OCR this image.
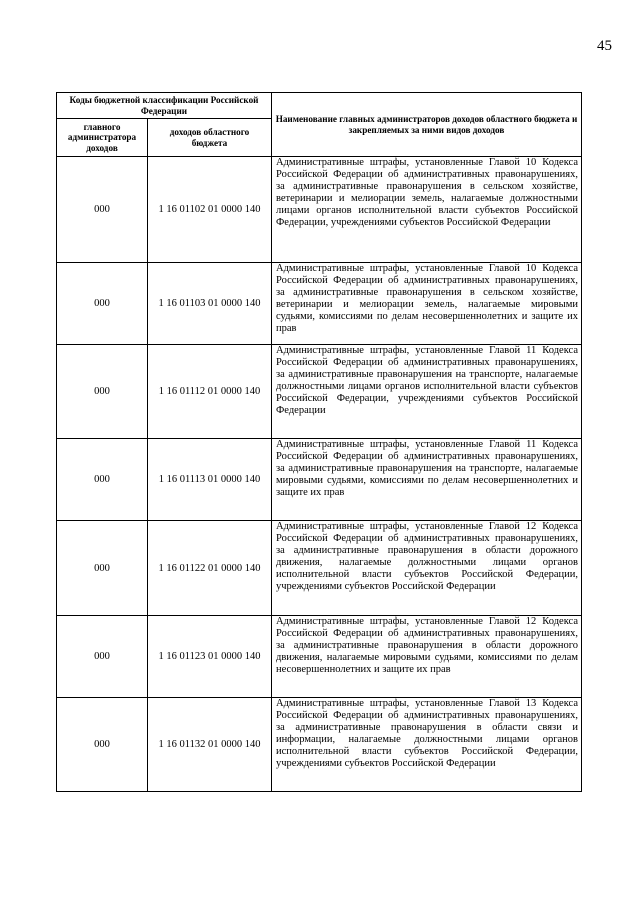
45
Коды бюджетной классификации Российской Федерации		Наименование главных администраторов доходов областного бюджета и закрепляемых за ними видов доходов
главного администратора доходов	доходов областного бюджета	
000	1 16 01102 01 0000 140	Административные штрафы, установленные Главой 10 Кодекса Российской Федерации об административных правонарушениях, за административные правонарушения в сельском хозяйстве, ветеринарии и мелиорации земель, налагаемые должностными лицами органов исполнительной власти субъектов Российской Федерации, учреждениями субъектов Российской Федерации
000	1 16 01103 01 0000 140	Административные штрафы, установленные Главой 10 Кодекса Российской Федерации об административных правонарушениях, за административные правонарушения в сельском хозяйстве, ветеринарии и мелиорации земель, налагаемые мировыми судьями, комиссиями по делам несовершеннолетних и защите их прав
000	1 16 01112 01 0000 140	Административные штрафы, установленные Главой 11 Кодекса Российской Федерации об административных правонарушениях, за административные правонарушения на транспорте, налагаемые должностными лицами органов исполнительной власти субъектов Российской Федерации, учреждениями субъектов Российской Федерации
000	1 16 01113 01 0000 140	Административные штрафы, установленные Главой 11 Кодекса Российской Федерации об административных правонарушениях, за административные правонарушения на транспорте, налагаемые мировыми судьями, комиссиями по делам несовершеннолетних и защите их прав
000	1 16 01122 01 0000 140	Административные штрафы, установленные Главой 12 Кодекса Российской Федерации об административных правонарушениях, за административные правонарушения в области дорожного движения, налагаемые должностными лицами органов исполнительной власти субъектов Российской Федерации, учреждениями субъектов Российской Федерации
000	1 16 01123 01 0000 140	Административные штрафы, установленные Главой 12 Кодекса Российской Федерации об административных правонарушениях, за административные правонарушения в области дорожного движения, налагаемые мировыми судьями, комиссиями по делам несовершеннолетних и защите их прав
000	1 16 01132 01 0000 140	Административные штрафы, установленные Главой 13 Кодекса Российской Федерации об административных правонарушениях, за административные правонарушения в области связи и информации, налагаемые должностными лицами органов исполнительной власти субъектов Российской Федерации, учреждениями субъектов Российской Федерации
